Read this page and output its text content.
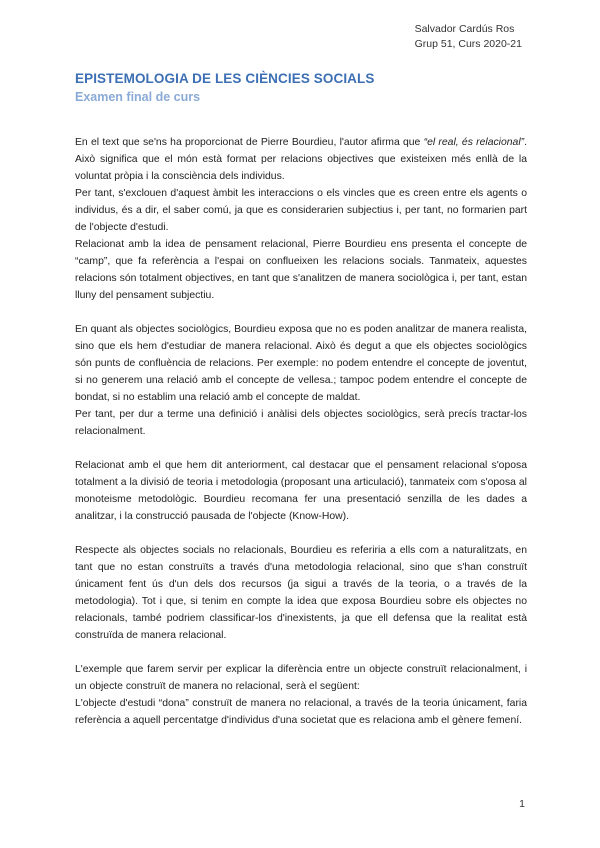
Salvador Cardús Ros
Grup 51, Curs 2020-21
EPISTEMOLOGIA DE LES CIÈNCIES SOCIALS
Examen final de curs

En el text que se'ns ha proporcionat de Pierre Bourdieu, l'autor afirma que “el real, és relacional”. Això significa que el món està format per relacions objectives que existeixen més enllà de la voluntat pròpia i la consciència dels individus.

Per tant, s'exclouen d'aquest àmbit les interaccions o els vincles que es creen entre els agents o individus, és a dir, el saber comú, ja que es considerarien subjectius i, per tant, no formarien part de l'objecte d'estudi.

Relacionat amb la idea de pensament relacional, Pierre Bourdieu ens presenta el concepte de “camp”, que fa referència a l'espai on conflueixen les relacions socials. Tanmateix, aquestes relacions són totalment objectives, en tant que s'analitzen de manera sociològica i, per tant, estan lluny del pensament subjectiu.

En quant als objectes sociològics, Bourdieu exposa que no es poden analitzar de manera realista, sino que els hem d'estudiar de manera relacional. Això és degut a que els objectes sociològics són punts de confluència de relacions. Per exemple: no podem entendre el concepte de joventut, si no generem una relació amb el concepte de vellesa.; tampoc podem entendre el concepte de bondat, si no establim una relació amb el concepte de maldat.

Per tant, per dur a terme una definició i anàlisi dels objectes sociològics, serà precís tractar-los relacionalment.

Relacionat amb el que hem dit anteriorment, cal destacar que el pensament relacional s'oposa totalment a la divisió de teoria i metodologia (proposant una articulació), tanmateix com s'oposa al monoteisme metodològic. Bourdieu recomana fer una presentació senzilla de les dades a analitzar, i la construcció pausada de l'objecte (Know-How).

Respecte als objectes socials no relacionals, Bourdieu es referiria a ells com a naturalitzats, en tant que no estan construïts a través d'una metodologia relacional, sino que s'han construït únicament fent ús d'un dels dos recursos (ja sigui a través de la teoria, o a través de la metodologia). Tot i que, si tenim en compte la idea que exposa Bourdieu sobre els objectes no relacionals, també podriem classificar-los d'inexistents, ja que ell defensa que la realitat està construïda de manera relacional.

L'exemple que farem servir per explicar la diferència entre un objecte construït relacionalment, i un objecte construït de manera no relacional, serà el següent:

L'objecte d'estudi “dona” construït de manera no relacional, a través de la teoria únicament, faria referència a aquell percentatge d'individus d'una societat que es relaciona amb el gènere femení.

1
